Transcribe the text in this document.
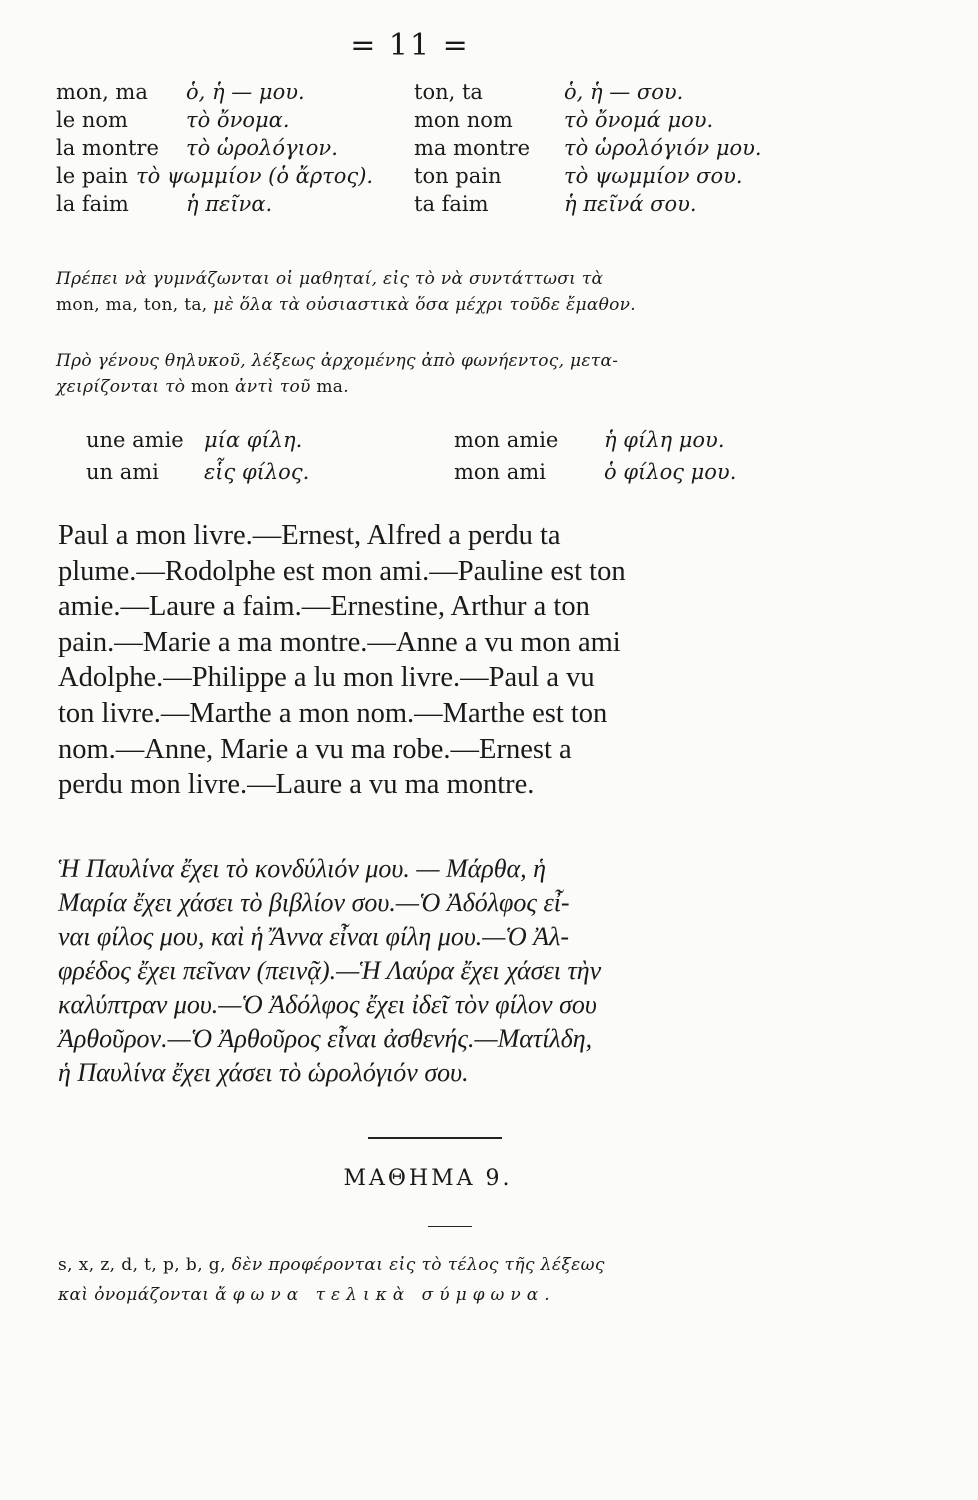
= 11 =
mon, ma	ὁ, ἡ — μου.	ton, ta	ὁ, ἡ — σου.
le nom	τὸ ὄνομα.	mon nom	τὸ ὄνομά μου.
la montre	τὸ ὡρολόγιον.	ma montre	τὸ ὡρολόγιόν μου.
le pain τὸ ψωμμίον (ὁ ἄρτος). ton pain	τὸ ψωμμίον σου.
la faim	ἡ πεῖνα.	ta faim	ἡ πεῖνά σου.
Πρέπει νὰ γυμνάζωνται οἱ μαθηταί, εἰς τὸ νὰ συντάττωσι τὰ
mon, ma, ton, ta, μὲ ὅλα τὰ οὐσιαστικὰ ὅσα μέχρι τοῦδε ἔμαθον.
Πρὸ γένους θηλυκοῦ, λέξεως ἀρχομένης ἀπὸ φωνήεντος, μετα-
χειρίζονται τὸ mon ἀντὶ τοῦ ma.
une amie μία φίλη.	mon amie	ἡ φίλη μου.
un ami	εἷς φίλος.	mon ami	ὁ φίλος μου.
Paul a mon livre.—Ernest, Alfred a perdu ta
plume.—Rodolphe est mon ami.—Pauline est ton
amie.—Laure a faim.—Ernestine, Arthur a ton
pain.—Marie a ma montre.—Anne a vu mon ami
Adolphe.—Philippe a lu mon livre.—Paul a vu
ton livre.—Marthe a mon nom.—Marthe est ton
nom.—Anne, Marie a vu ma robe.—Ernest a
perdu mon livre.—Laure a vu ma montre.
Ἡ Παυλίνα ἔχει τὸ κονδύλιόν μου. — Μάρθα, ἡ
Μαρία ἔχει χάσει τὸ βιβλίον σου.—Ὁ Ἀδόλφος εἶ-
ναι φίλος μου, καὶ ἡ Ἄννα εἶναι φίλη μου.—Ὁ Ἀλ-
φρέδος ἔχει πεῖναν (πεινᾷ).—Ἡ Λαύρα ἔχει χάσει τὴν
καλύπτραν μου.—Ὁ Ἀδόλφος ἔχει ἰδεῖ τὸν φίλον σου
Ἀρθοῦρον.—Ὁ Ἀρθοῦρος εἶναι ἀσθενής.—Ματίλδη,
ἡ Παυλίνα ἔχει χάσει τὸ ὡρολόγιόν σου.
ΜΑΘΗΜΑ 9.
s, x, z, d, t, p, b, g, δὲν προφέρονται εἰς τὸ τέλος τῆς λέξεως
καὶ ὀνομάζονται ἄφωνα τελικὰ σύμφωνα.
